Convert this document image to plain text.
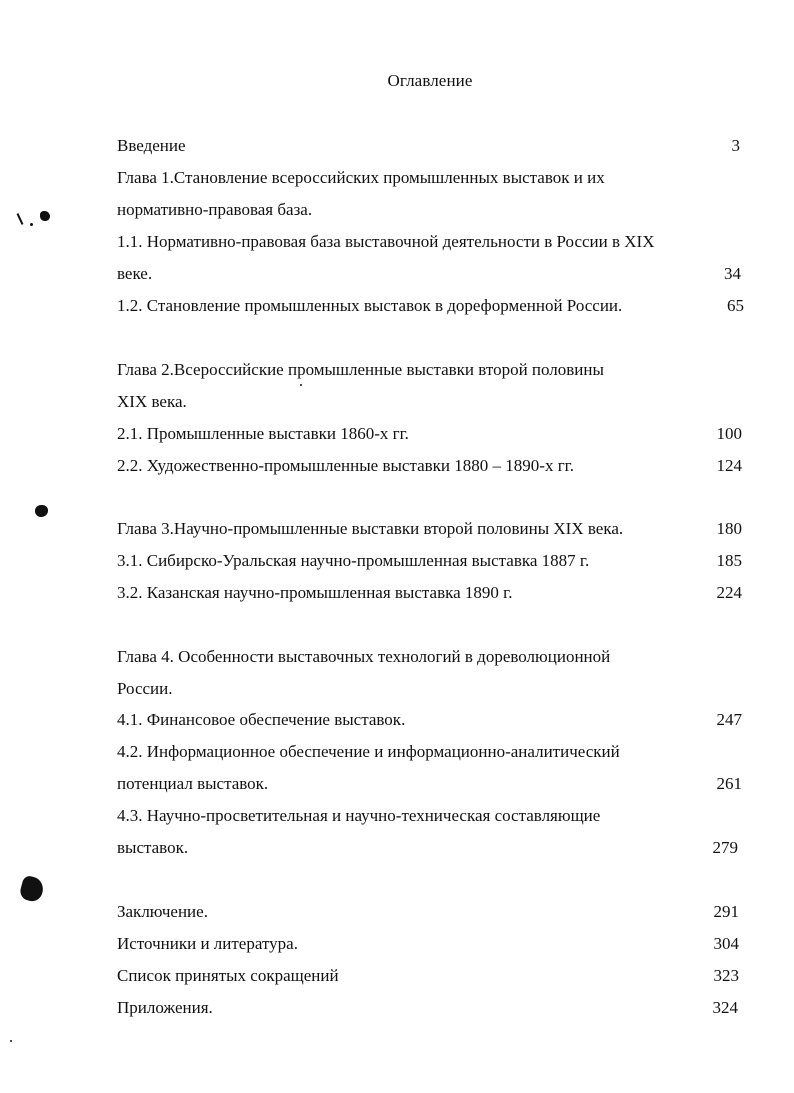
Оглавление
Введение	3
Глава 1.Становление всероссийских промышленных выставок и их
нормативно-правовая база.
1.1. Нормативно-правовая база выставочной деятельности в России в XIX
веке.	34
1.2. Становление промышленных выставок в дореформенной России.	65
Глава 2.Всероссийские промышленные выставки второй половины
XIX века.
2.1. Промышленные выставки 1860-х гг.	100
2.2. Художественно-промышленные выставки 1880 – 1890-х гг.	124
Глава 3.Научно-промышленные выставки второй половины XIX века.	180
3.1. Сибирско-Уральская научно-промышленная выставка 1887 г.	185
3.2. Казанская научно-промышленная выставка 1890 г.	224
Глава 4. Особенности выставочных технологий в дореволюционной
России.
4.1. Финансовое обеспечение выставок.	247
4.2. Информационное обеспечение и информационно-аналитический
потенциал выставок.	261
4.3. Научно-просветительная и научно-техническая составляющие
выставок.	279
Заключение.	291
Источники и литература.	304
Список принятых сокращений	323
Приложения.	324
